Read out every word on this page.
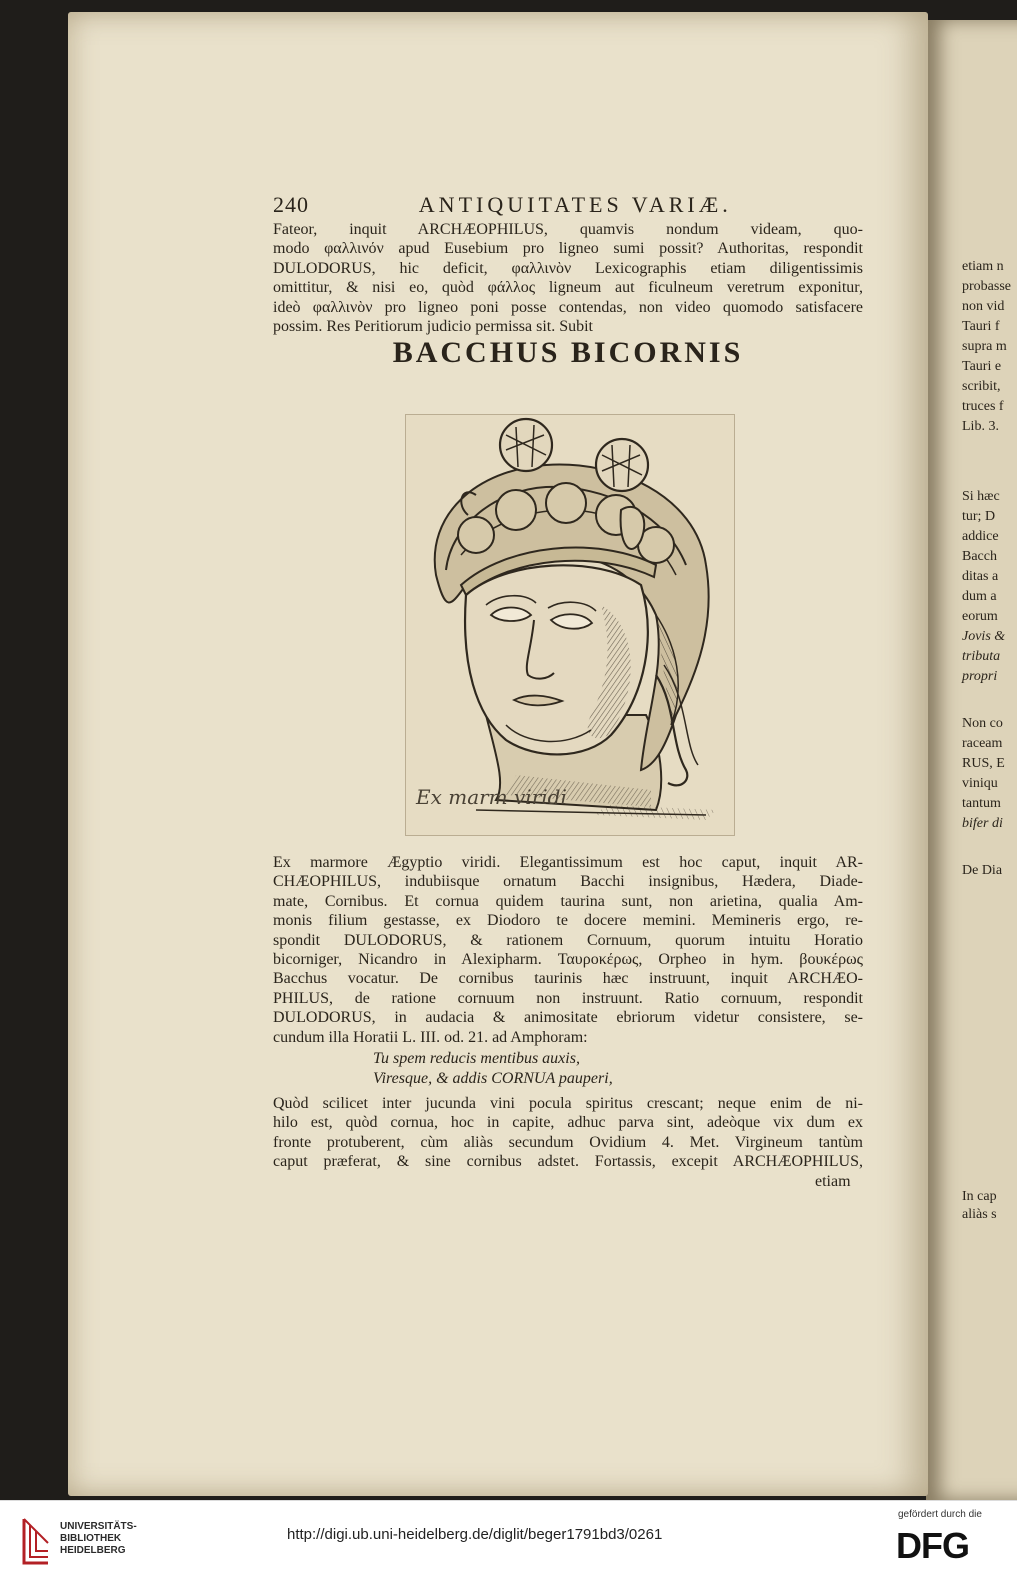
240	ANTIQUITATES VARIÆ.
Fateor, inquit ARCHÆOPHILUS, quamvis nondum videam, quo-
modo φαλλινόν apud Eusebium pro ligneo sumi possit? Authoritas, respondit
DULODORUS, hic deficit, φαλλινὸν Lexicographis etiam diligentissimis
omittitur, & nisi eo, quòd φάλλος ligneum aut ficulneum veretrum exponitur,
ideò φαλλινὸν pro ligneo poni posse contendas, non video quomodo satisfacere
possim. Res Peritiorum judicio permissa sit. Subit
BACCHUS BICORNIS
Ex marm viridi
Ex marmore Ægyptio viridi. Elegantissimum est hoc caput, inquit AR-
CHÆOPHILUS, indubiisque ornatum Bacchi insignibus, Hædera, Diade-
mate, Cornibus. Et cornua quidem taurina sunt, non arietina, qualia Am-
monis filium gestasse, ex Diodoro te docere memini. Memineris ergo, re-
spondit DULODORUS, & rationem Cornuum, quorum intuitu Horatio
bicorniger, Nicandro in Alexipharm. Ταυροκέρως, Orpheo in hym. βουκέρως
Bacchus vocatur. De cornibus taurinis hæc instruunt, inquit ARCHÆO-
PHILUS, de ratione cornuum non instruunt. Ratio cornuum, respondit
DULODORUS, in audacia & animositate ebriorum videtur consistere, se-
cundum illa Horatii L. III. od. 21. ad Amphoram:
Tu spem reducis mentibus auxis,
Viresque, & addis CORNUA pauperi,
Quòd scilicet inter jucunda vini pocula spiritus crescant; neque enim de ni-
hilo est, quòd cornua, hoc in capite, adhuc parva sint, adeòque vix dum ex
fronte protuberent, cùm aliàs secundum Ovidium 4. Met. Virgineum tantùm
caput præferat, & sine cornibus adstet. Fortassis, excepit ARCHÆOPHILUS,
etiam
etiam n
probasse
non vid
Tauri f
supra m
Tauri e
scribit,
truces f
Lib. 3.
Si hæc
tur; D
addice
Bacch
ditas a
dum a
eorum
Jovis &
tributa
propri
Non co
raceam
RUS, E
viniqu
tantum
bifer di
De Dia
In cap
aliàs s
UNIVERSITÄTS-
BIBLIOTHEK
HEIDELBERG
http://digi.ub.uni-heidelberg.de/diglit/beger1791bd3/0261
gefördert durch die
DFG
